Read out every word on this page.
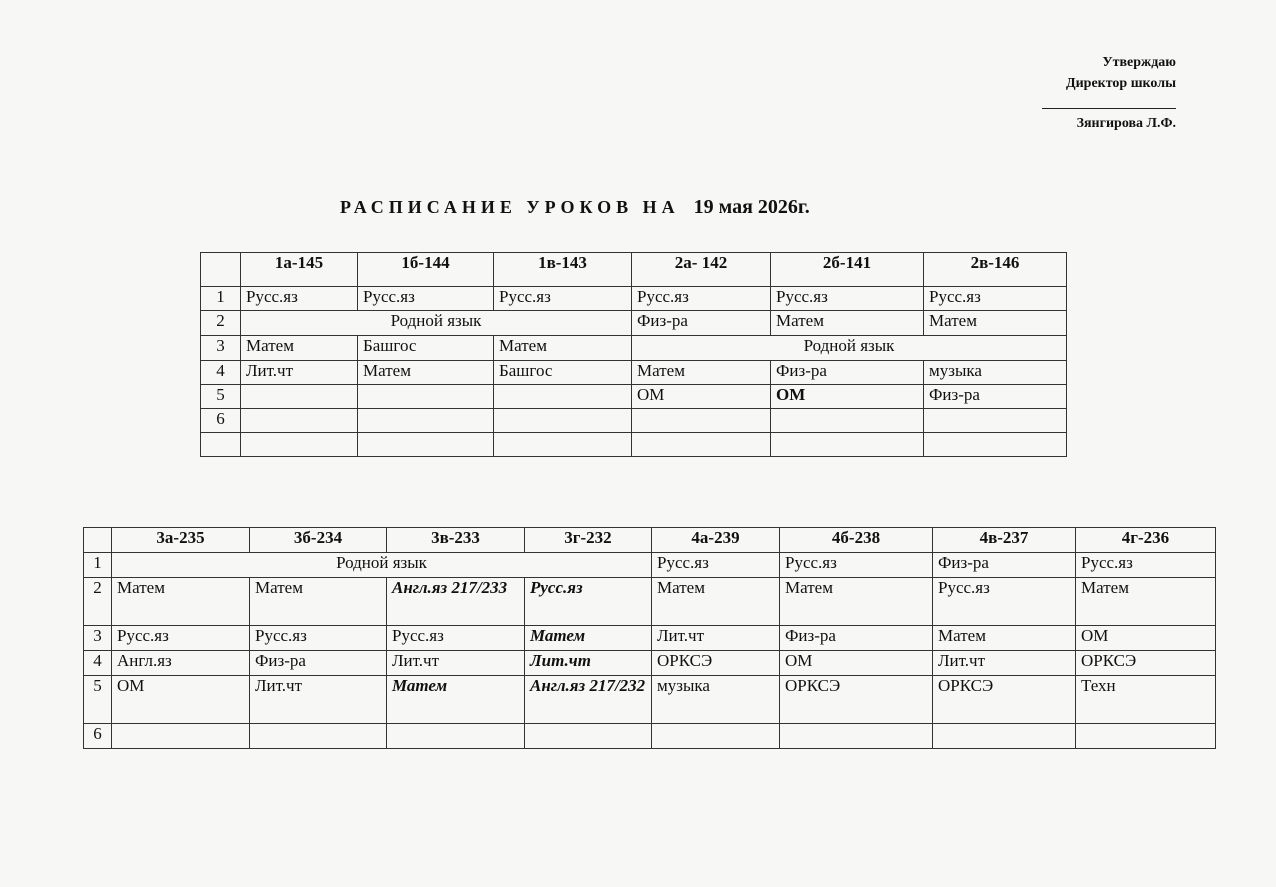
Утверждаю
Директор школы
Зянгирова Л.Ф.
РАСПИСАНИЕ УРОКОВ НА 19 мая 2026г.
	1а-145	1б-144	1в-143	2а- 142	2б-141	2в-146
1	Русс.яз	Русс.яз	Русс.яз	Русс.яз	Русс.яз	Русс.яз
2	Родной язык			Физ-ра	Матем	Матем
3	Матем	Башгос	Матем	Родной язык		
4	Лит.чт	Матем	Башгос	Матем	Физ-ра	музыка
5				ОМ	ОМ	Физ-ра
6						

	3а-235	3б-234	3в-233	3г-232	4а-239	4б-238	4в-237	4г-236
1	Родной язык				Русс.яз	Русс.яз	Физ-ра	Русс.яз
2	Матем	Матем	Англ.яз 217/233	Русс.яз	Матем	Матем	Русс.яз	Матем
3	Русс.яз	Русс.яз	Русс.яз	Матем	Лит.чт	Физ-ра	Матем	ОМ
4	Англ.яз	Физ-ра	Лит.чт	Лит.чт	ОРКСЭ	ОМ	Лит.чт	ОРКСЭ
5	ОМ	Лит.чт	Матем	Англ.яз 217/232	музыка	ОРКСЭ	ОРКСЭ	Техн
6								
